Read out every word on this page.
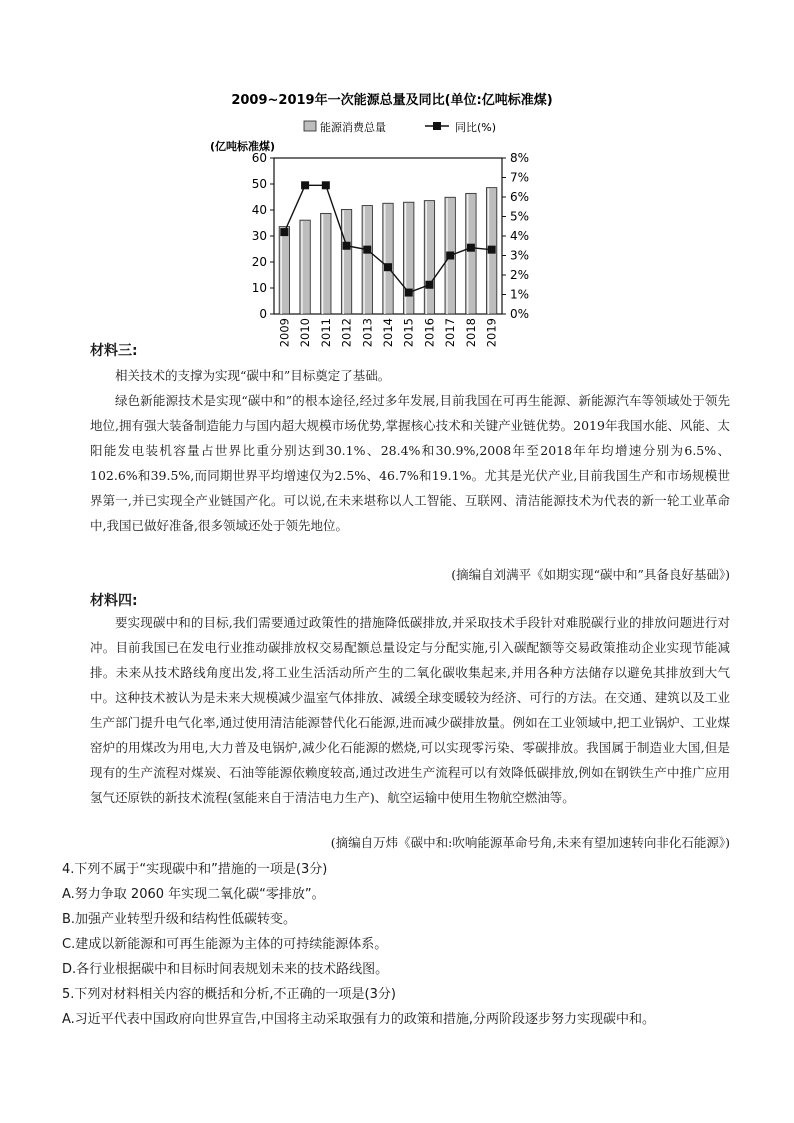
2009~2019年一次能源总量及同比(单位:亿吨标准煤)
(亿吨标准煤)
能源消费总量	同比(%)
0
10
20
30
40
50
60
0%
1%
2%
3%
4%
5%
6%
7%
8%
2009 2010 2011 2012 2013 2014 2015 2016 2017 2018 2019
材料三:

相关技术的支撑为实现“碳中和”目标奠定了基础。

绿色新能源技术是实现“碳中和”的根本途径,经过多年发展,目前我国在可再生能源、新能源汽车等领域处于领先地位,拥有强大装备制造能力与国内超大规模市场优势,掌握核心技术和关键产业链优势。2019年我国水能、风能、太阳能发电装机容量占世界比重分别达到30.1%、28.4%和30.9%,2008年至2018年年均增速分别为6.5%、102.6%和39.5%,而同期世界平均增速仅为2.5%、46.7%和19.1%。尤其是光伏产业,目前我国生产和市场规模世界第一,并已实现全产业链国产化。可以说,在未来堪称以人工智能、互联网、清洁能源技术为代表的新一轮工业革命中,我国已做好准备,很多领域还处于领先地位。

(摘编自刘满平《如期实现“碳中和”具备良好基础》)
材料四:

要实现碳中和的目标,我们需要通过政策性的措施降低碳排放,并采取技术手段针对难脱碳行业的排放问题进行对冲。目前我国已在发电行业推动碳排放权交易配额总量设定与分配实施,引入碳配额等交易政策推动企业实现节能减排。未来从技术路线角度出发,将工业生活活动所产生的二氧化碳收集起来,并用各种方法储存以避免其排放到大气中。这种技术被认为是未来大规模减少温室气体排放、减缓全球变暖较为经济、可行的方法。在交通、建筑以及工业生产部门提升电气化率,通过使用清洁能源替代化石能源,进而减少碳排放量。例如在工业领域中,把工业锅炉、工业煤窑炉的用煤改为用电,大力普及电锅炉,减少化石能源的燃烧,可以实现零污染、零碳排放。我国属于制造业大国,但是现有的生产流程对煤炭、石油等能源依赖度较高,通过改进生产流程可以有效降低碳排放,例如在钢铁生产中推广应用氢气还原铁的新技术流程(氢能来自于清洁电力生产)、航空运输中使用生物航空燃油等。

(摘编自万炜《碳中和:吹响能源革命号角,未来有望加速转向非化石能源》)
4.下列不属于“实现碳中和”措施的一项是(3分)
A.努力争取 2060 年实现二氧化碳“零排放”。
B.加强产业转型升级和结构性低碳转变。
C.建成以新能源和可再生能源为主体的可持续能源体系。
D.各行业根据碳中和目标时间表规划未来的技术路线图。
5.下列对材料相关内容的概括和分析,不正确的一项是(3分)
A.习近平代表中国政府向世界宣告,中国将主动采取强有力的政策和措施,分两阶段逐步努力实现碳中和。
